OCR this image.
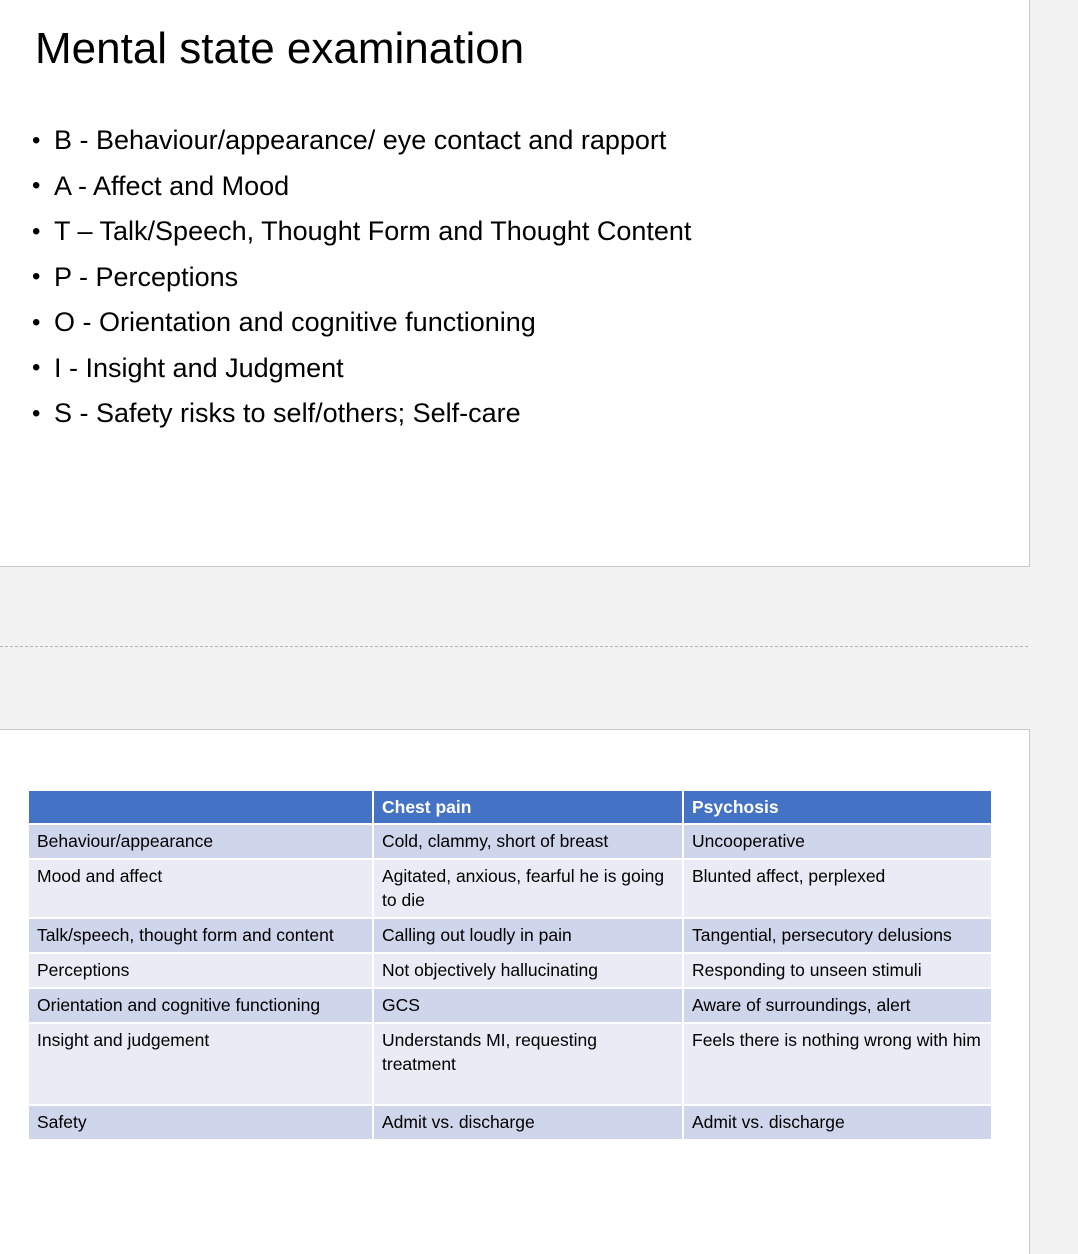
Mental state examination
• B - Behaviour/appearance/ eye contact and rapport
• A - Affect and Mood
• T – Talk/Speech, Thought Form and Thought Content
• P - Perceptions
• O - Orientation and cognitive functioning
• I - Insight and Judgment
• S - Safety risks to self/others; Self-care
	Chest pain	Psychosis
Behaviour/appearance	Cold, clammy, short of breast	Uncooperative
Mood and affect	Agitated, anxious, fearful he is going to die	Blunted affect, perplexed
Talk/speech, thought form and content	Calling out loudly in pain	Tangential, persecutory delusions
Perceptions	Not objectively hallucinating	Responding to unseen stimuli
Orientation and cognitive functioning	GCS	Aware of surroundings, alert
Insight and judgement	Understands MI, requesting treatment	Feels there is nothing wrong with him
Safety	Admit vs. discharge	Admit vs. discharge
